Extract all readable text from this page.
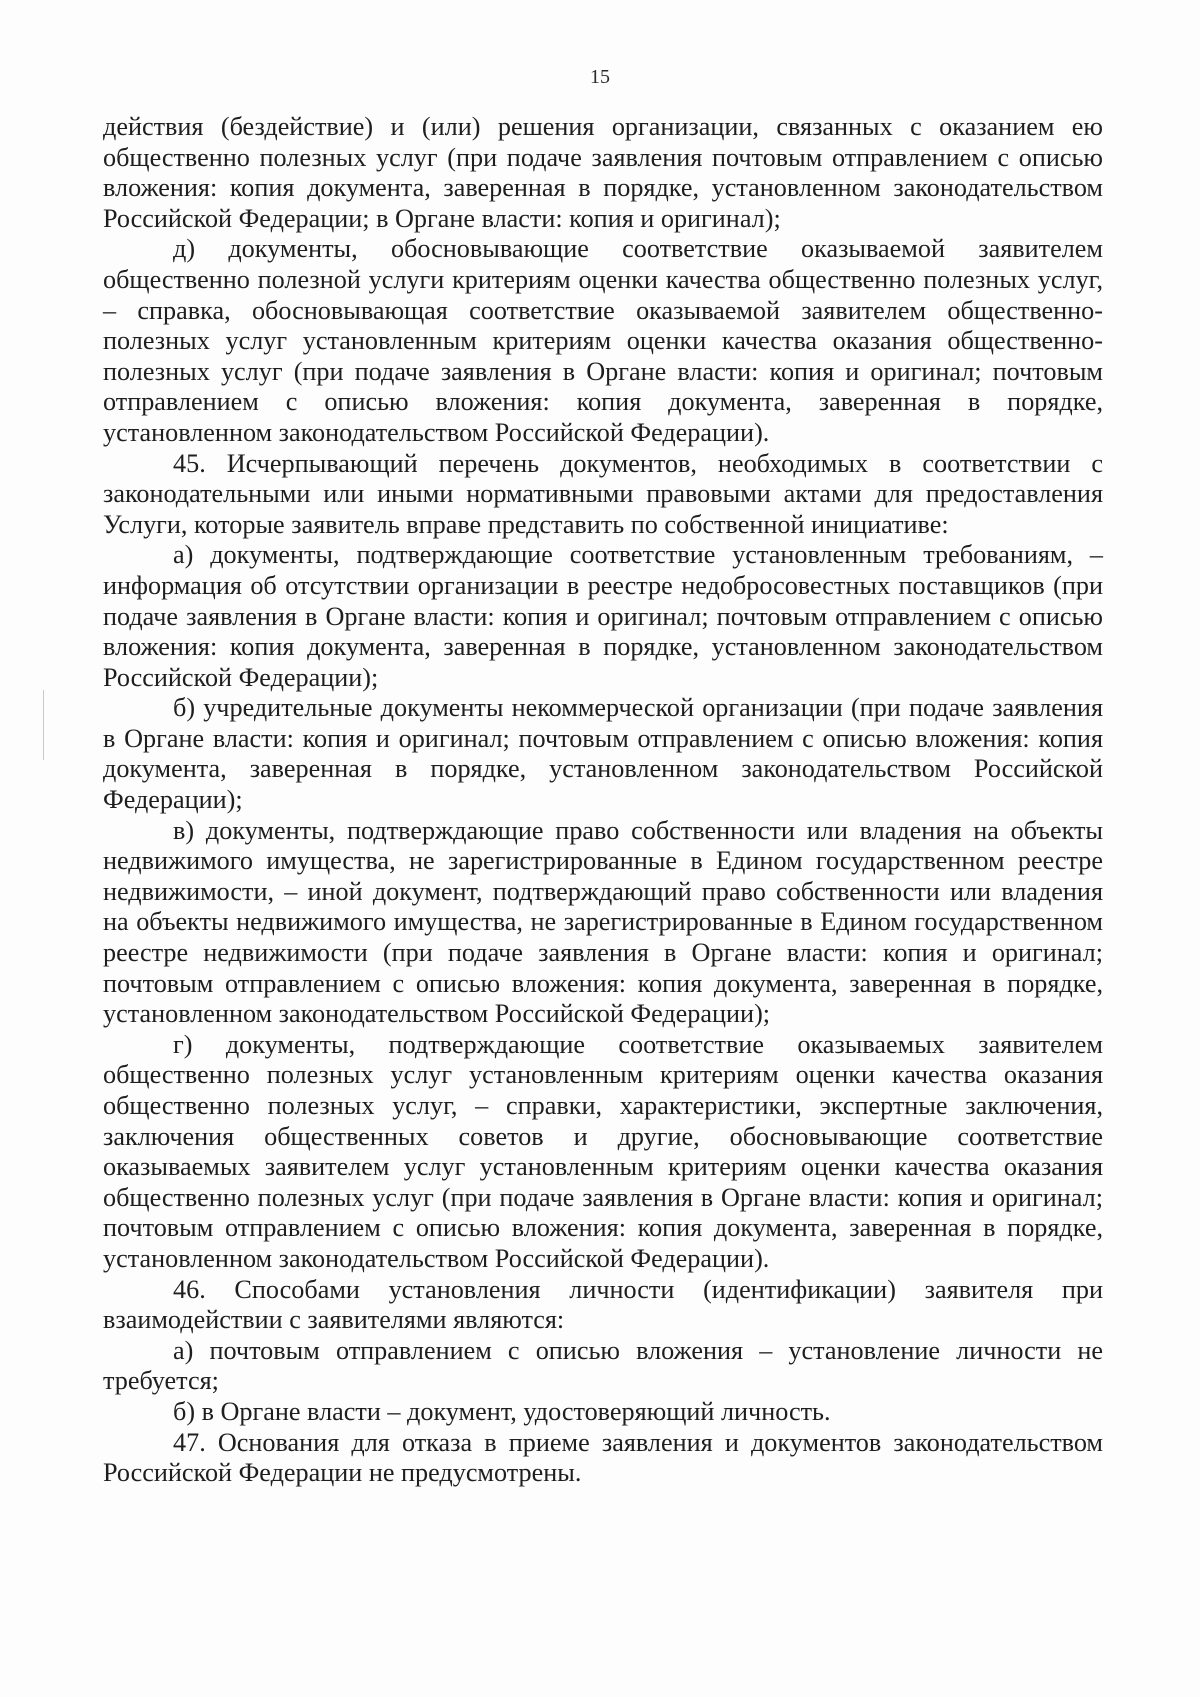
15

действия (бездействие) и (или) решения организации, связанных с оказанием ею общественно полезных услуг (при подаче заявления почтовым отправлением с описью вложения: копия документа, заверенная в порядке, установленном законодательством Российской Федерации; в Органе власти: копия и оригинал);

д) документы, обосновывающие соответствие оказываемой заявителем общественно полезной услуги критериям оценки качества общественно полезных услуг, – справка, обосновывающая соответствие оказываемой заявителем общественно-полезных услуг установленным критериям оценки качества оказания общественно-полезных услуг (при подаче заявления в Органе власти: копия и оригинал; почтовым отправлением с описью вложения: копия документа, заверенная в порядке, установленном законодательством Российской Федерации).

45. Исчерпывающий перечень документов, необходимых в соответствии с законодательными или иными нормативными правовыми актами для предоставления Услуги, которые заявитель вправе представить по собственной инициативе:

а) документы, подтверждающие соответствие установленным требованиям, – информация об отсутствии организации в реестре недобросовестных поставщиков (при подаче заявления в Органе власти: копия и оригинал; почтовым отправлением с описью вложения: копия документа, заверенная в порядке, установленном законодательством Российской Федерации);

б) учредительные документы некоммерческой организации (при подаче заявления в Органе власти: копия и оригинал; почтовым отправлением с описью вложения: копия документа, заверенная в порядке, установленном законодательством Российской Федерации);

в) документы, подтверждающие право собственности или владения на объекты недвижимого имущества, не зарегистрированные в Едином государственном реестре недвижимости, – иной документ, подтверждающий право собственности или владения на объекты недвижимого имущества, не зарегистрированные в Едином государственном реестре недвижимости (при подаче заявления в Органе власти: копия и оригинал; почтовым отправлением с описью вложения: копия документа, заверенная в порядке, установленном законодательством Российской Федерации);

г) документы, подтверждающие соответствие оказываемых заявителем общественно полезных услуг установленным критериям оценки качества оказания общественно полезных услуг, – справки, характеристики, экспертные заключения, заключения общественных советов и другие, обосновывающие соответствие оказываемых заявителем услуг установленным критериям оценки качества оказания общественно полезных услуг (при подаче заявления в Органе власти: копия и оригинал; почтовым отправлением с описью вложения: копия документа, заверенная в порядке, установленном законодательством Российской Федерации).

46. Способами установления личности (идентификации) заявителя при взаимодействии с заявителями являются:

а) почтовым отправлением с описью вложения – установление личности не требуется;

б) в Органе власти – документ, удостоверяющий личность.

47. Основания для отказа в приеме заявления и документов законодательством Российской Федерации не предусмотрены.
